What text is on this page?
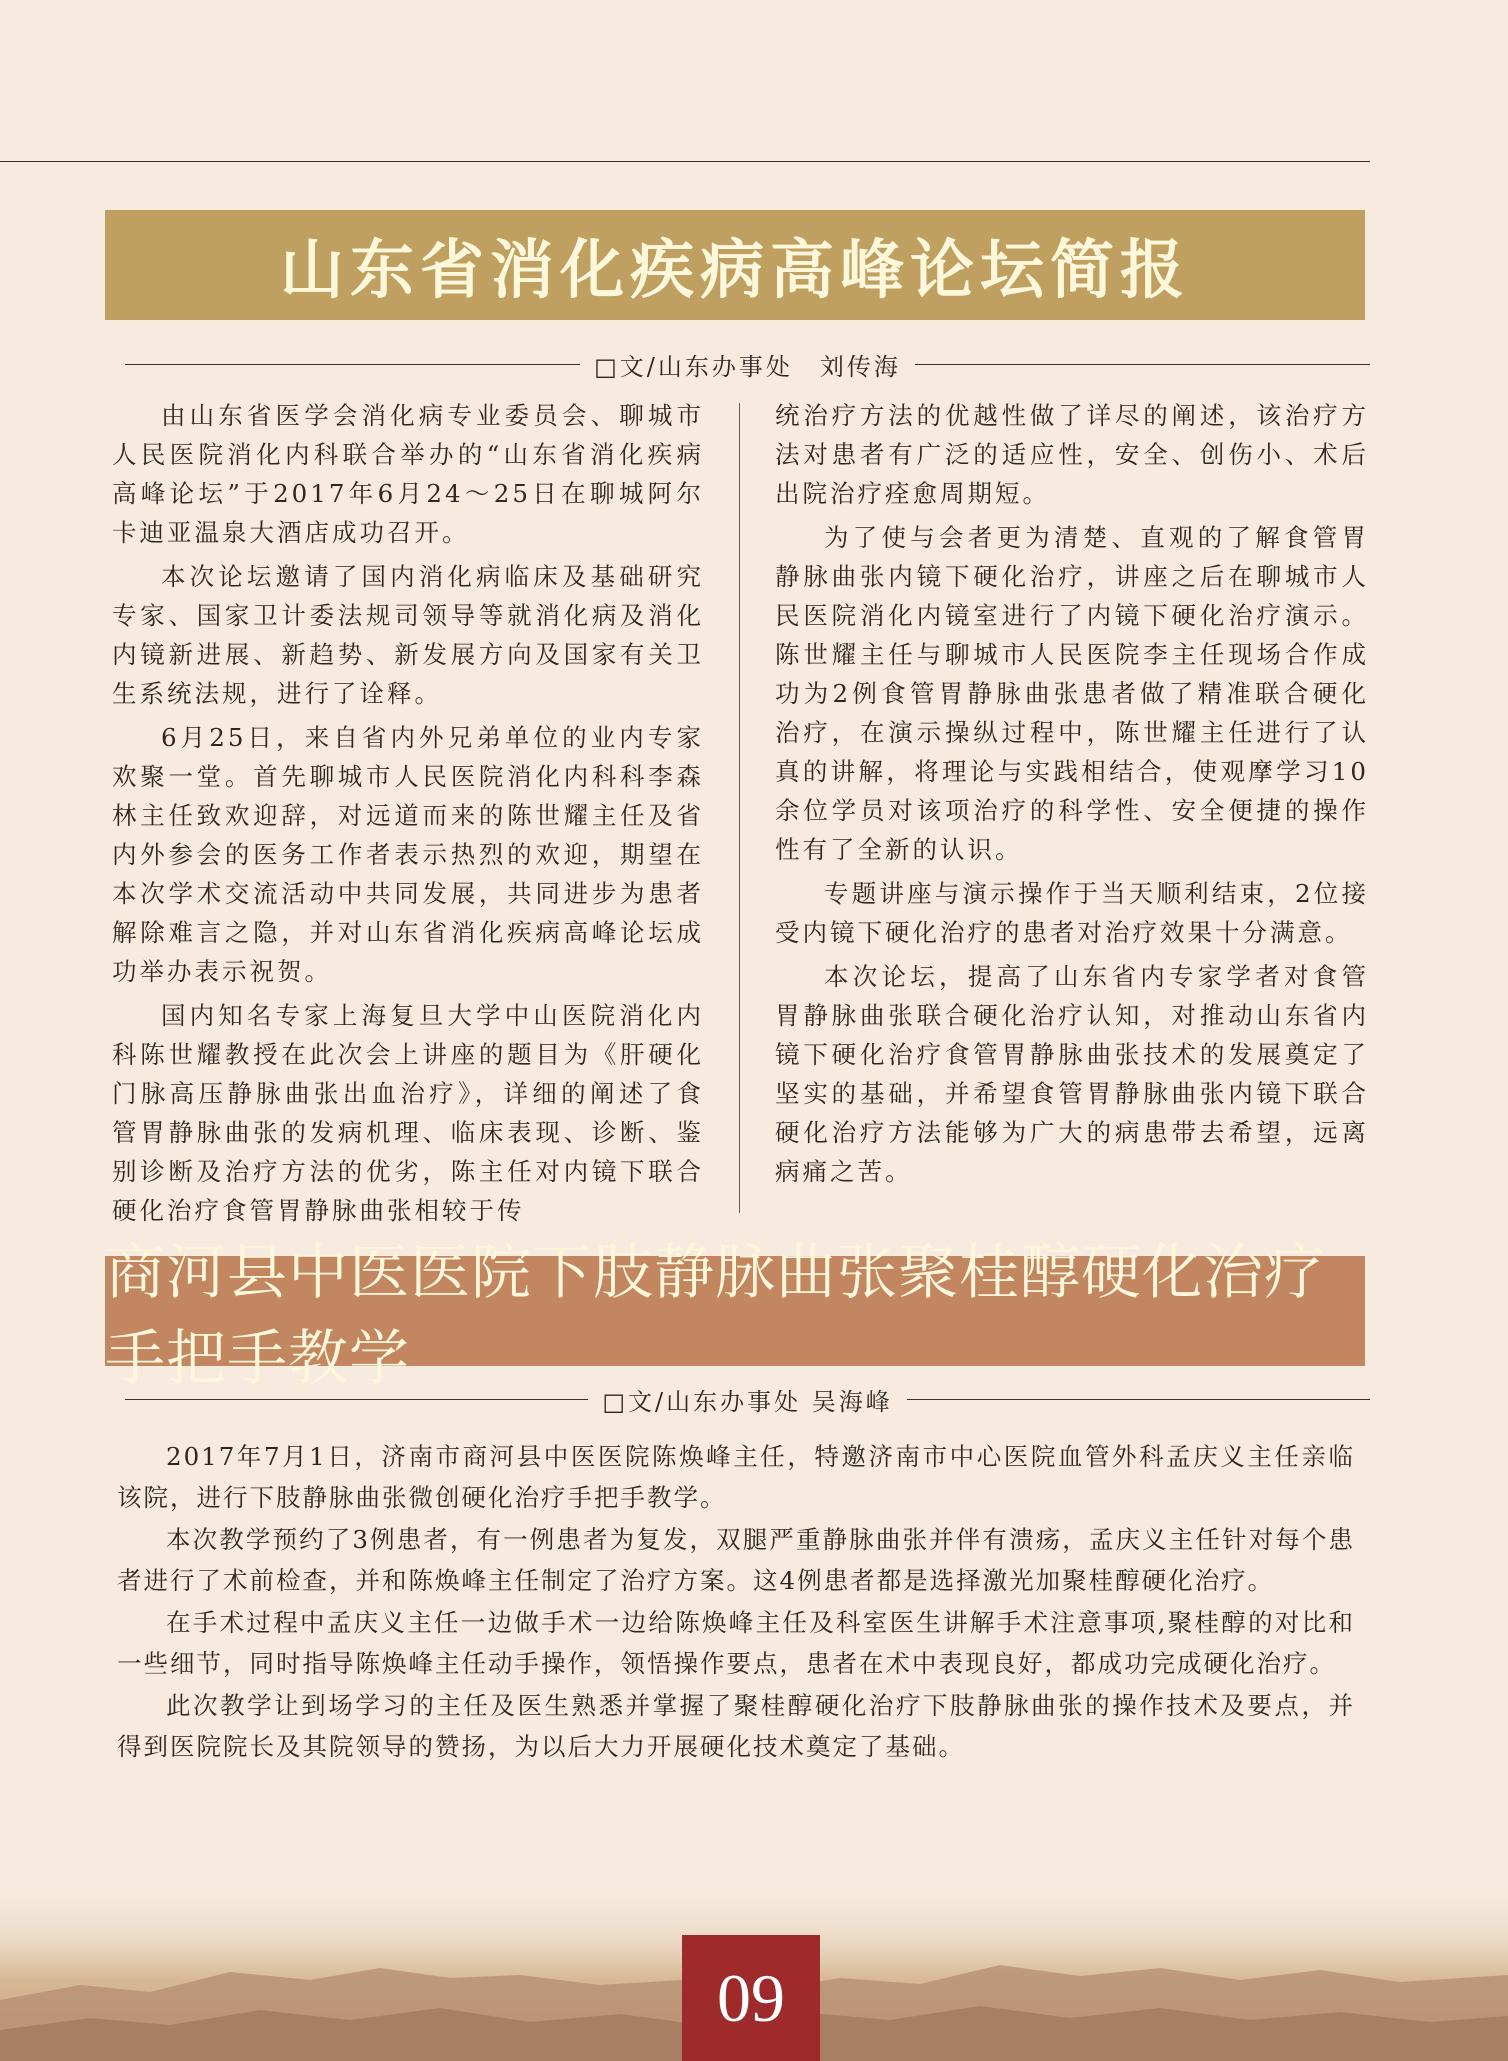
山东省消化疾病高峰论坛简报
□文/山东办事处　刘传海

由山东省医学会消化病专业委员会、聊城市人民医院消化内科联合举办的“山东省消化疾病高峰论坛”于2017年6月24～25日在聊城阿尔卡迪亚温泉大酒店成功召开。

本次论坛邀请了国内消化病临床及基础研究专家、国家卫计委法规司领导等就消化病及消化内镜新进展、新趋势、新发展方向及国家有关卫生系统法规，进行了诠释。

6月25日，来自省内外兄弟单位的业内专家欢聚一堂。首先聊城市人民医院消化内科科李森林主任致欢迎辞，对远道而来的陈世耀主任及省内外参会的医务工作者表示热烈的欢迎，期望在本次学术交流活动中共同发展，共同进步为患者解除难言之隐，并对山东省消化疾病高峰论坛成功举办表示祝贺。

国内知名专家上海复旦大学中山医院消化内科陈世耀教授在此次会上讲座的题目为《肝硬化门脉高压静脉曲张出血治疗》，详细的阐述了食管胃静脉曲张的发病机理、临床表现、诊断、鉴别诊断及治疗方法的优劣，陈主任对内镜下联合硬化治疗食管胃静脉曲张相较于传

统治疗方法的优越性做了详尽的阐述，该治疗方法对患者有广泛的适应性，安全、创伤小、术后出院治疗痊愈周期短。

为了使与会者更为清楚、直观的了解食管胃静脉曲张内镜下硬化治疗，讲座之后在聊城市人民医院消化内镜室进行了内镜下硬化治疗演示。陈世耀主任与聊城市人民医院李主任现场合作成功为2例食管胃静脉曲张患者做了精准联合硬化治疗，在演示操纵过程中，陈世耀主任进行了认真的讲解，将理论与实践相结合，使观摩学习10余位学员对该项治疗的科学性、安全便捷的操作性有了全新的认识。

专题讲座与演示操作于当天顺利结束，2位接受内镜下硬化治疗的患者对治疗效果十分满意。

本次论坛，提高了山东省内专家学者对食管胃静脉曲张联合硬化治疗认知，对推动山东省内镜下硬化治疗食管胃静脉曲张技术的发展奠定了坚实的基础，并希望食管胃静脉曲张内镜下联合硬化治疗方法能够为广大的病患带去希望，远离病痛之苦。

商河县中医医院下肢静脉曲张聚桂醇硬化治疗手把手教学
□文/山东办事处 吴海峰

2017年7月1日，济南市商河县中医医院陈焕峰主任，特邀济南市中心医院血管外科孟庆义主任亲临该院，进行下肢静脉曲张微创硬化治疗手把手教学。

本次教学预约了3例患者，有一例患者为复发，双腿严重静脉曲张并伴有溃疡，孟庆义主任针对每个患者进行了术前检查，并和陈焕峰主任制定了治疗方案。这4例患者都是选择激光加聚桂醇硬化治疗。

在手术过程中孟庆义主任一边做手术一边给陈焕峰主任及科室医生讲解手术注意事项,聚桂醇的对比和一些细节，同时指导陈焕峰主任动手操作，领悟操作要点，患者在术中表现良好，都成功完成硬化治疗。

此次教学让到场学习的主任及医生熟悉并掌握了聚桂醇硬化治疗下肢静脉曲张的操作技术及要点，并得到医院院长及其院领导的赞扬，为以后大力开展硬化技术奠定了基础。

09
